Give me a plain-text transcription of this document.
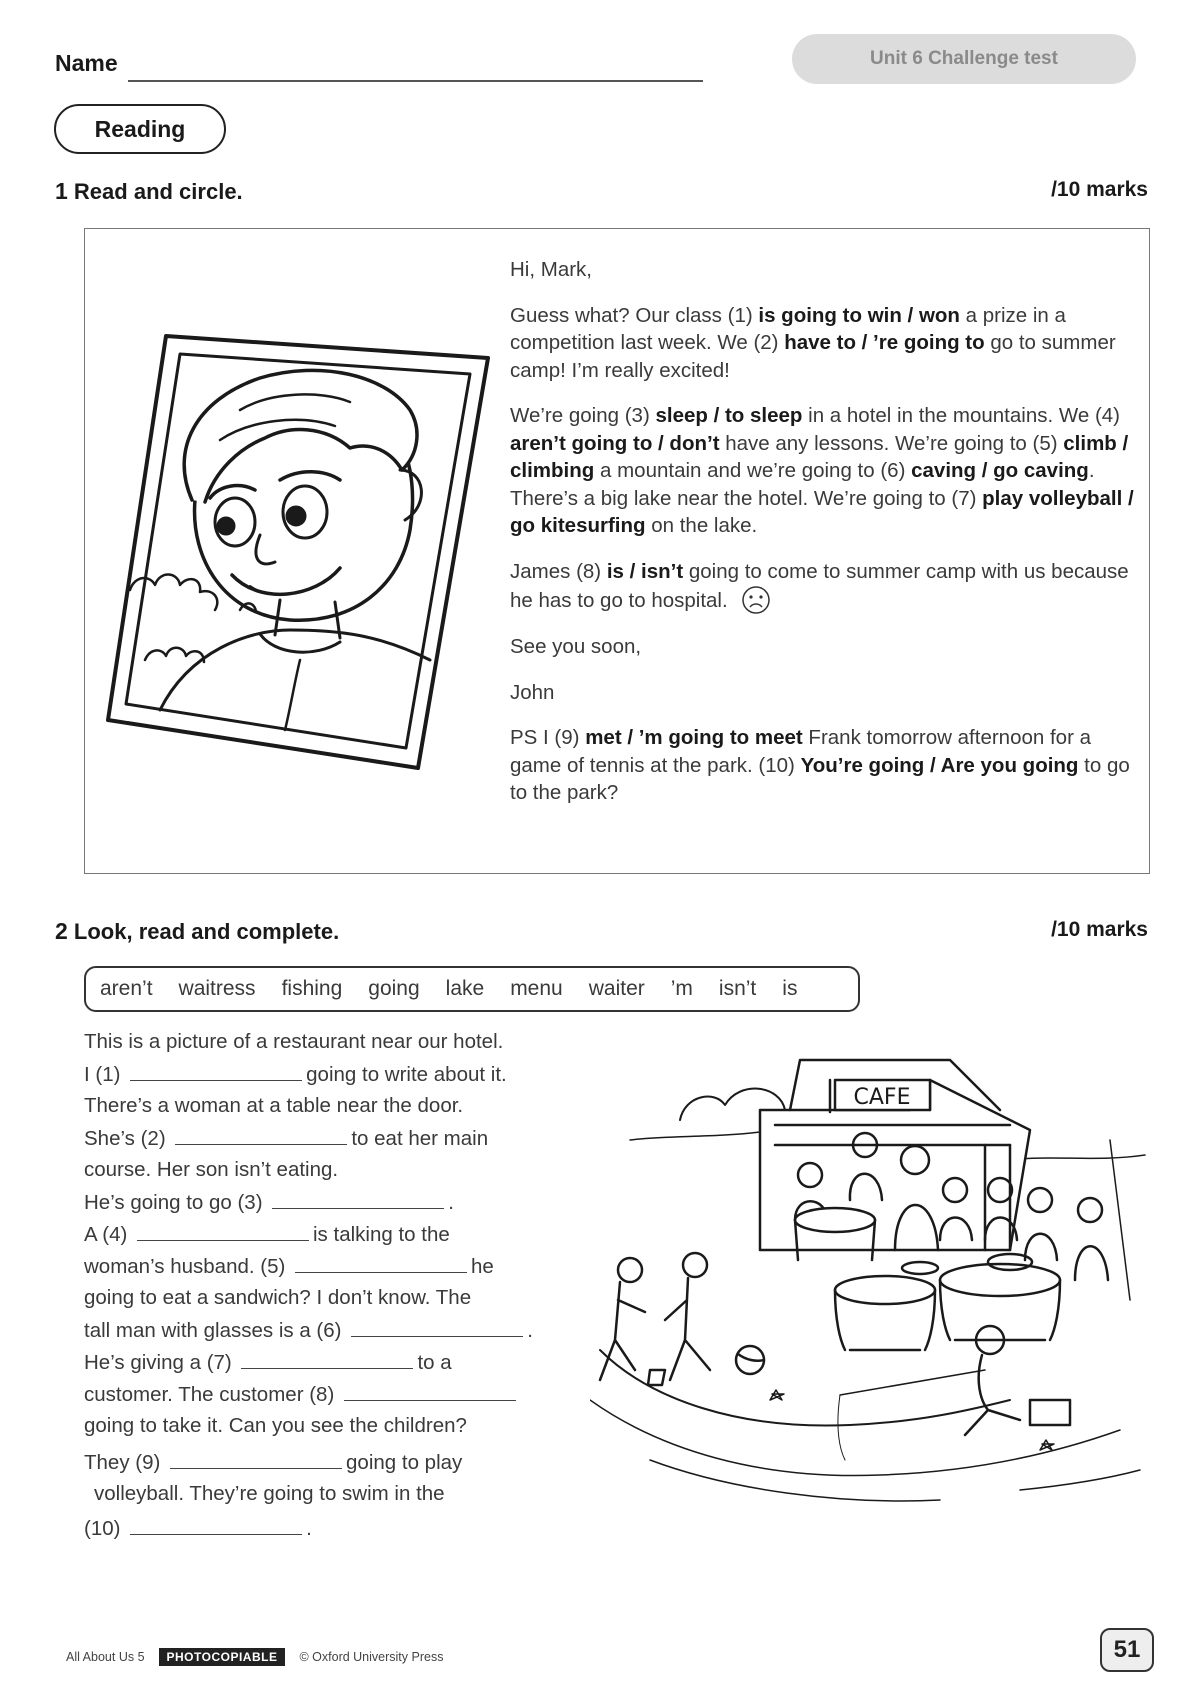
Name	Unit 6 Challenge test
Reading
1 Read and circle.	/10 marks

Hi, Mark,

Guess what? Our class (1) is going to win / won a prize in a competition last week. We (2) have to / ’re going to go to summer camp! I’m really excited!

We’re going (3) sleep / to sleep in a hotel in the mountains. We (4) aren’t going to / don’t have any lessons. We’re going to (5) climb / climbing a mountain and we’re going to (6) caving / go caving. There’s a big lake near the hotel. We’re going to (7) play volleyball / go kitesurfing on the lake.

James (8) is / isn’t going to come to summer camp with us because he has to go to hospital.

See you soon,

John

PS I (9) met / ’m going to meet Frank tomorrow afternoon for a game of tennis at the park. (10) You’re going / Are you going to go to the park?

2 Look, read and complete.	/10 marks
aren’t waitress fishing going lake menu waiter ’m isn’t is
This is a picture of a restaurant near our hotel.
I (1)	going to write about it.
There’s a woman at a table near the door.
She’s (2)	to eat her main
course. Her son isn’t eating.
He’s going to go (3)	.
A (4)	is talking to the
woman’s husband. (5)	he
going to eat a sandwich? I don’t know. The
tall man with glasses is a (6)	.
He’s giving a (7)	to a
customer. The customer (8)
going to take it. Can you see the children?
They (9)	going to play
volleyball. They’re going to swim in the
(10)	.
CAFE
All About Us 5	PHOTOCOPIABLE	© Oxford University Press	51
